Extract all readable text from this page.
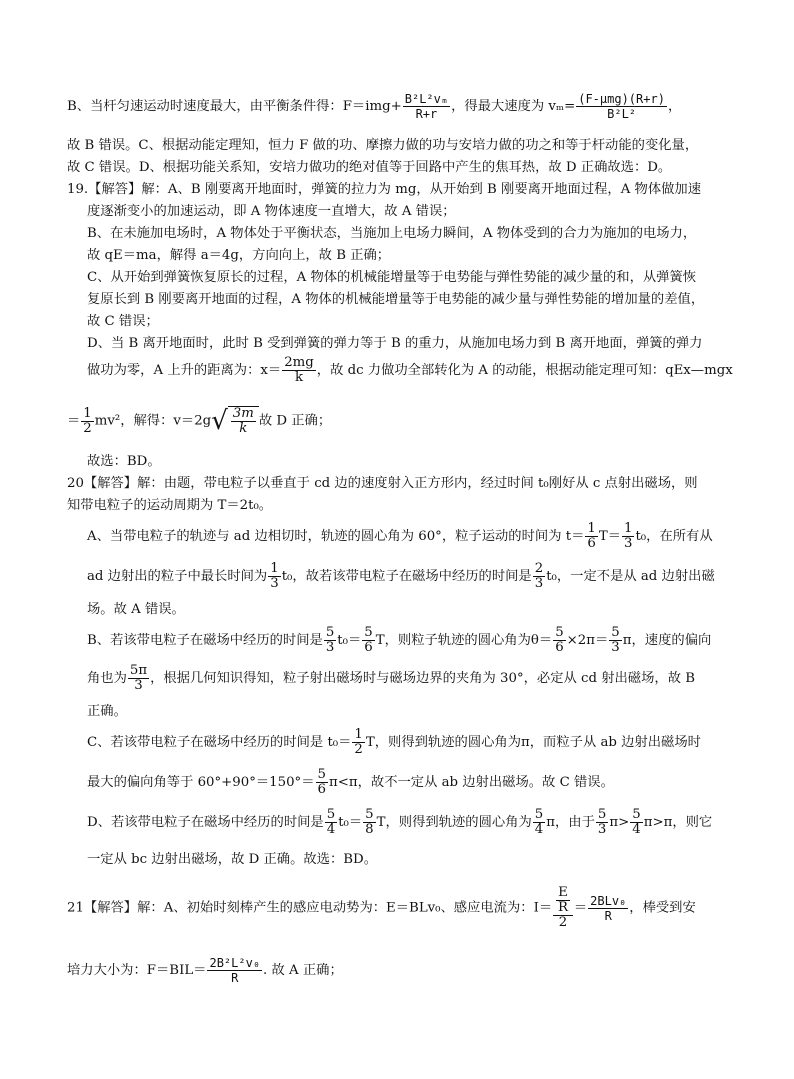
B、当杆匀速运动时速度最大，由平衡条件得：$F=img+ \frac{\text{B²L²vₘ}}{R+r}$ ，得最大速度为 $v_m= \frac{\text{(F-μmg)(R+r)}}{\text{B²L²}}$ ，
故 B 错误。C、根据动能定理知，恒力 F 做的功、摩擦力做的功与安培力做的功之和等于杆动能的变化量，
故 C 错误。D、根据功能关系知，安培力做功的绝对值等于回路中产生的焦耳热，故 D 正确故选：D。
19.【解答】解：A、B 刚要离开地面时，弹簧的拉力为 mg，从开始到 B 刚要离开地面过程，A 物体做加速
度逐渐变小的加速运动，即 A 物体速度一直增大，故 A 错误；
B、在未施加电场时，A 物体处于平衡状态，当施加上电场力瞬间，A 物体受到的合力为施加的电场力，
故 qE＝ma，解得 a＝4g，方向向上，故 B 正确；
C、从开始到弹簧恢复原长的过程，A 物体的机械能增量等于电势能与弹性势能的减少量的和，从弹簧恢
复原长到 B 刚要离开地面的过程，A 物体的机械能增量等于电势能的减少量与弹性势能的增加量的差值，
故 C 错误；
D、当 B 离开地面时，此时 B 受到弹簧的弹力等于 B 的重力，从施加电场力到 B 离开地面，弹簧的弹力
做功为零，A 上升的距离为：$x= \frac{2mg}{k}$ ，故 dc 力做功全部转化为 A 的动能，根据动能定理可知：qEx—mgx
＝ $\frac{1}{2} mv^2$，解得：$v=2g√ \frac{3m}{k}$ 故 D 正确；
故选：BD。
20【解答】解：由题，带电粒子以垂直于 cd 边的速度射入正方形内，经过时间 t₀刚好从 c 点射出磁场，则
知带电粒子的运动周期为 T＝2t₀。
A、当带电粒子的轨迹与 ad 边相切时，轨迹的圆心角为 60°，粒子运动的时间为 $t= \frac{1}{6} T= \frac{1}{3} t_0$，在所有从
ad 边射出的粒子中最长时间为 $\frac{1}{3} t_0$，故若该带电粒子在磁场中经历的时间是 $\frac{2}{3} t_0$，一定不是从 ad 边射出磁
场。故 A 错误。
B、若该带电粒子在磁场中经历的时间是 $\frac{5}{3} t_0= \frac{5}{6}$ T，则粒子轨迹的圆心角为$\theta= \frac{5}{6} \times 2\pi= \frac{5}{3}$ π，速度的偏向
角也为 $\frac{5\pi}{3}$ ，根据几何知识得知，粒子射出磁场时与磁场边界的夹角为 30°，必定从 cd 射出磁场，故 B
正确。
C、若该带电粒子在磁场中经历的时间是 $t_0= \frac{1}{2}$ T，则得到轨迹的圆心角为π，而粒子从 ab 边射出磁场时
最大的偏向角等于 $60^\circ+90^\circ=150^\circ= \frac{5}{6} \pi<\pi$，故不一定从 ab 边射出磁场。故 C 错误。
D、若该带电粒子在磁场中经历的时间是 $\frac{5}{4} t_0= \frac{5}{8}$ T，则得到轨迹的圆心角为 $\frac{5}{4}$ π，由于 $\frac{5}{3} \pi> \frac{5}{4} \pi>\pi$，则它
一定从 bc 边射出磁场，故 D 正确。故选：BD。
21【解答】解：A、初始时刻棒产生的感应电动势为：E＝BLv₀、感应电流为：$I= \frac{\frac{E}{R}}{2} = \frac{\text{2BLv₀}}{R}$ ，棒受到安
培力大小为：$F=BIL= \frac{\text{2B²L²v₀}}{R}$ . 故 A 正确；
